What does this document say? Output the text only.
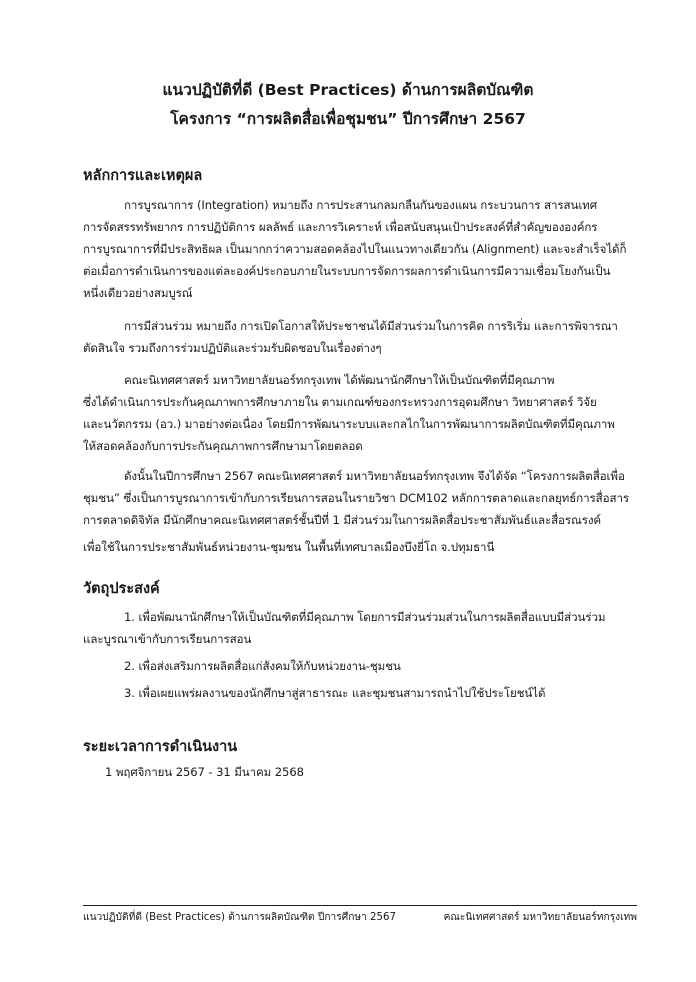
แนวปฏิบัติที่ดี (Best Practices) ด้านการผลิตบัณฑิต
โครงการ “การผลิตสื่อเพื่อชุมชน” ปีการศึกษา 2567
หลักการและเหตุผล
การบูรณาการ (Integration) หมายถึง การประสานกลมกลืนกันของแผน กระบวนการ สารสนเทศ
การจัดสรรทรัพยากร การปฏิบัติการ ผลลัพธ์ และการวิเคราะห์ เพื่อสนับสนุนเป้าประสงค์ที่สำคัญขององค์กร
การบูรณาการที่มีประสิทธิผล เป็นมากกว่าความสอดคล้องไปในแนวทางเดียวกัน (Alignment) และจะสำเร็จได้ก็
ต่อเมื่อการดำเนินการของแต่ละองค์ประกอบภายในระบบการจัดการผลการดำเนินการมีความเชื่อมโยงกันเป็น
หนึ่งเดียวอย่างสมบูรณ์
การมีส่วนร่วม หมายถึง การเปิดโอกาสให้ประชาชนได้มีส่วนร่วมในการคิด การริเริ่ม และการพิจารณา
ตัดสินใจ รวมถึงการร่วมปฏิบัติและร่วมรับผิดชอบในเรื่องต่างๆ
คณะนิเทศศาสตร์ มหาวิทยาลัยนอร์ทกรุงเทพ ได้พัฒนานักศึกษาให้เป็นบัณฑิตที่มีคุณภาพ
ซึ่งได้ดำเนินการประกันคุณภาพการศึกษาภายใน ตามเกณฑ์ของกระทรวงการอุดมศึกษา วิทยาศาสตร์ วิจัย
และนวัตกรรม (อว.) มาอย่างต่อเนื่อง โดยมีการพัฒนาระบบและกลไกในการพัฒนาการผลิตบัณฑิตที่มีคุณภาพ
ให้สอดคล้องกับการประกันคุณภาพการศึกษามาโดยตลอด
ดังนั้นในปีการศึกษา 2567 คณะนิเทศศาสตร์ มหาวิทยาลัยนอร์ทกรุงเทพ จึงได้จัด “โครงการผลิตสื่อเพื่อ
ชุมชน” ซึ่งเป็นการบูรณาการเข้ากับการเรียนการสอนในรายวิชา DCM102 หลักการตลาดและกลยุทธ์การสื่อสาร
การตลาดดิจิทัล มีนักศึกษาคณะนิเทศศาสตร์ชั้นปีที่ 1 มีส่วนร่วมในการผลิตสื่อประชาสัมพันธ์และสื่อรณรงค์
เพื่อใช้ในการประชาสัมพันธ์หน่วยงาน-ชุมชน ในพื้นที่เทศบาลเมืองบึงยี่โถ จ.ปทุมธานี
วัตถุประสงค์
1. เพื่อพัฒนานักศึกษาให้เป็นบัณฑิตที่มีคุณภาพ โดยการมีส่วนร่วมส่วนในการผลิตสื่อแบบมีส่วนร่วม
และบูรณาเข้ากับการเรียนการสอน
2. เพื่อส่งเสริมการผลิตสื่อแก่สังคมให้กับหน่วยงาน-ชุมชน
3. เพื่อเผยแพร่ผลงานของนักศึกษาสู่สาธารณะ และชุมชนสามารถนำไปใช้ประโยชน์ได้
ระยะเวลาการดำเนินงาน
1 พฤศจิกายน 2567 - 31 มีนาคม 2568
แนวปฏิบัติที่ดี (Best Practices) ด้านการผลิตบัณฑิต ปีการศึกษา 2567	คณะนิเทศศาสตร์ มหาวิทยาลัยนอร์ทกรุงเทพ
